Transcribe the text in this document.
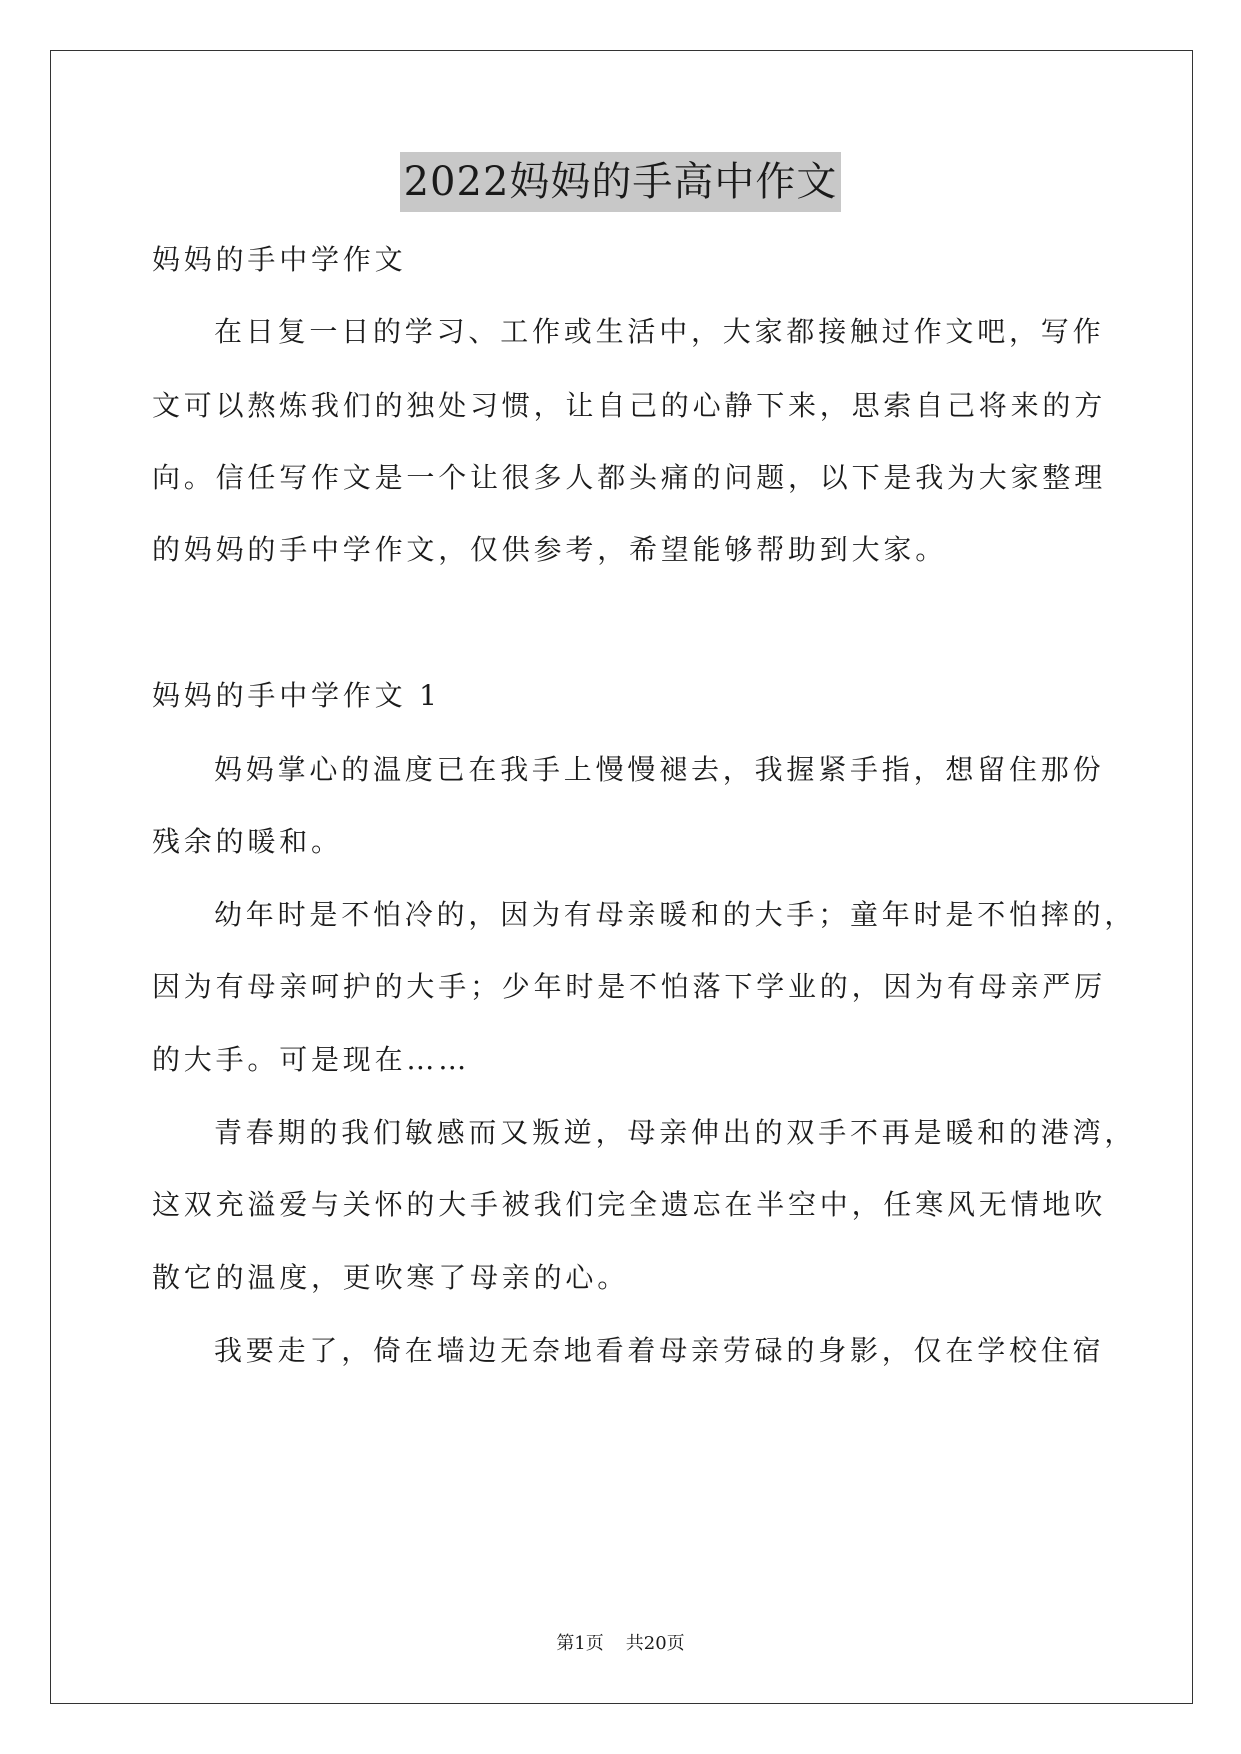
2022妈妈的手高中作文
妈妈的手中学作文
在日复一日的学习、工作或生活中，大家都接触过作文吧，写作
文可以熬炼我们的独处习惯，让自己的心静下来，思索自己将来的方
向。信任写作文是一个让很多人都头痛的问题，以下是我为大家整理
的妈妈的手中学作文，仅供参考，希望能够帮助到大家。
妈妈的手中学作文 1
妈妈掌心的温度已在我手上慢慢褪去，我握紧手指，想留住那份
残余的暖和。
幼年时是不怕冷的，因为有母亲暖和的大手；童年时是不怕摔的，
因为有母亲呵护的大手；少年时是不怕落下学业的，因为有母亲严厉
的大手。可是现在……
青春期的我们敏感而又叛逆，母亲伸出的双手不再是暖和的港湾，
这双充溢爱与关怀的大手被我们完全遗忘在半空中，任寒风无情地吹
散它的温度，更吹寒了母亲的心。
我要走了，倚在墙边无奈地看着母亲劳碌的身影，仅在学校住宿
第1页 共20页
